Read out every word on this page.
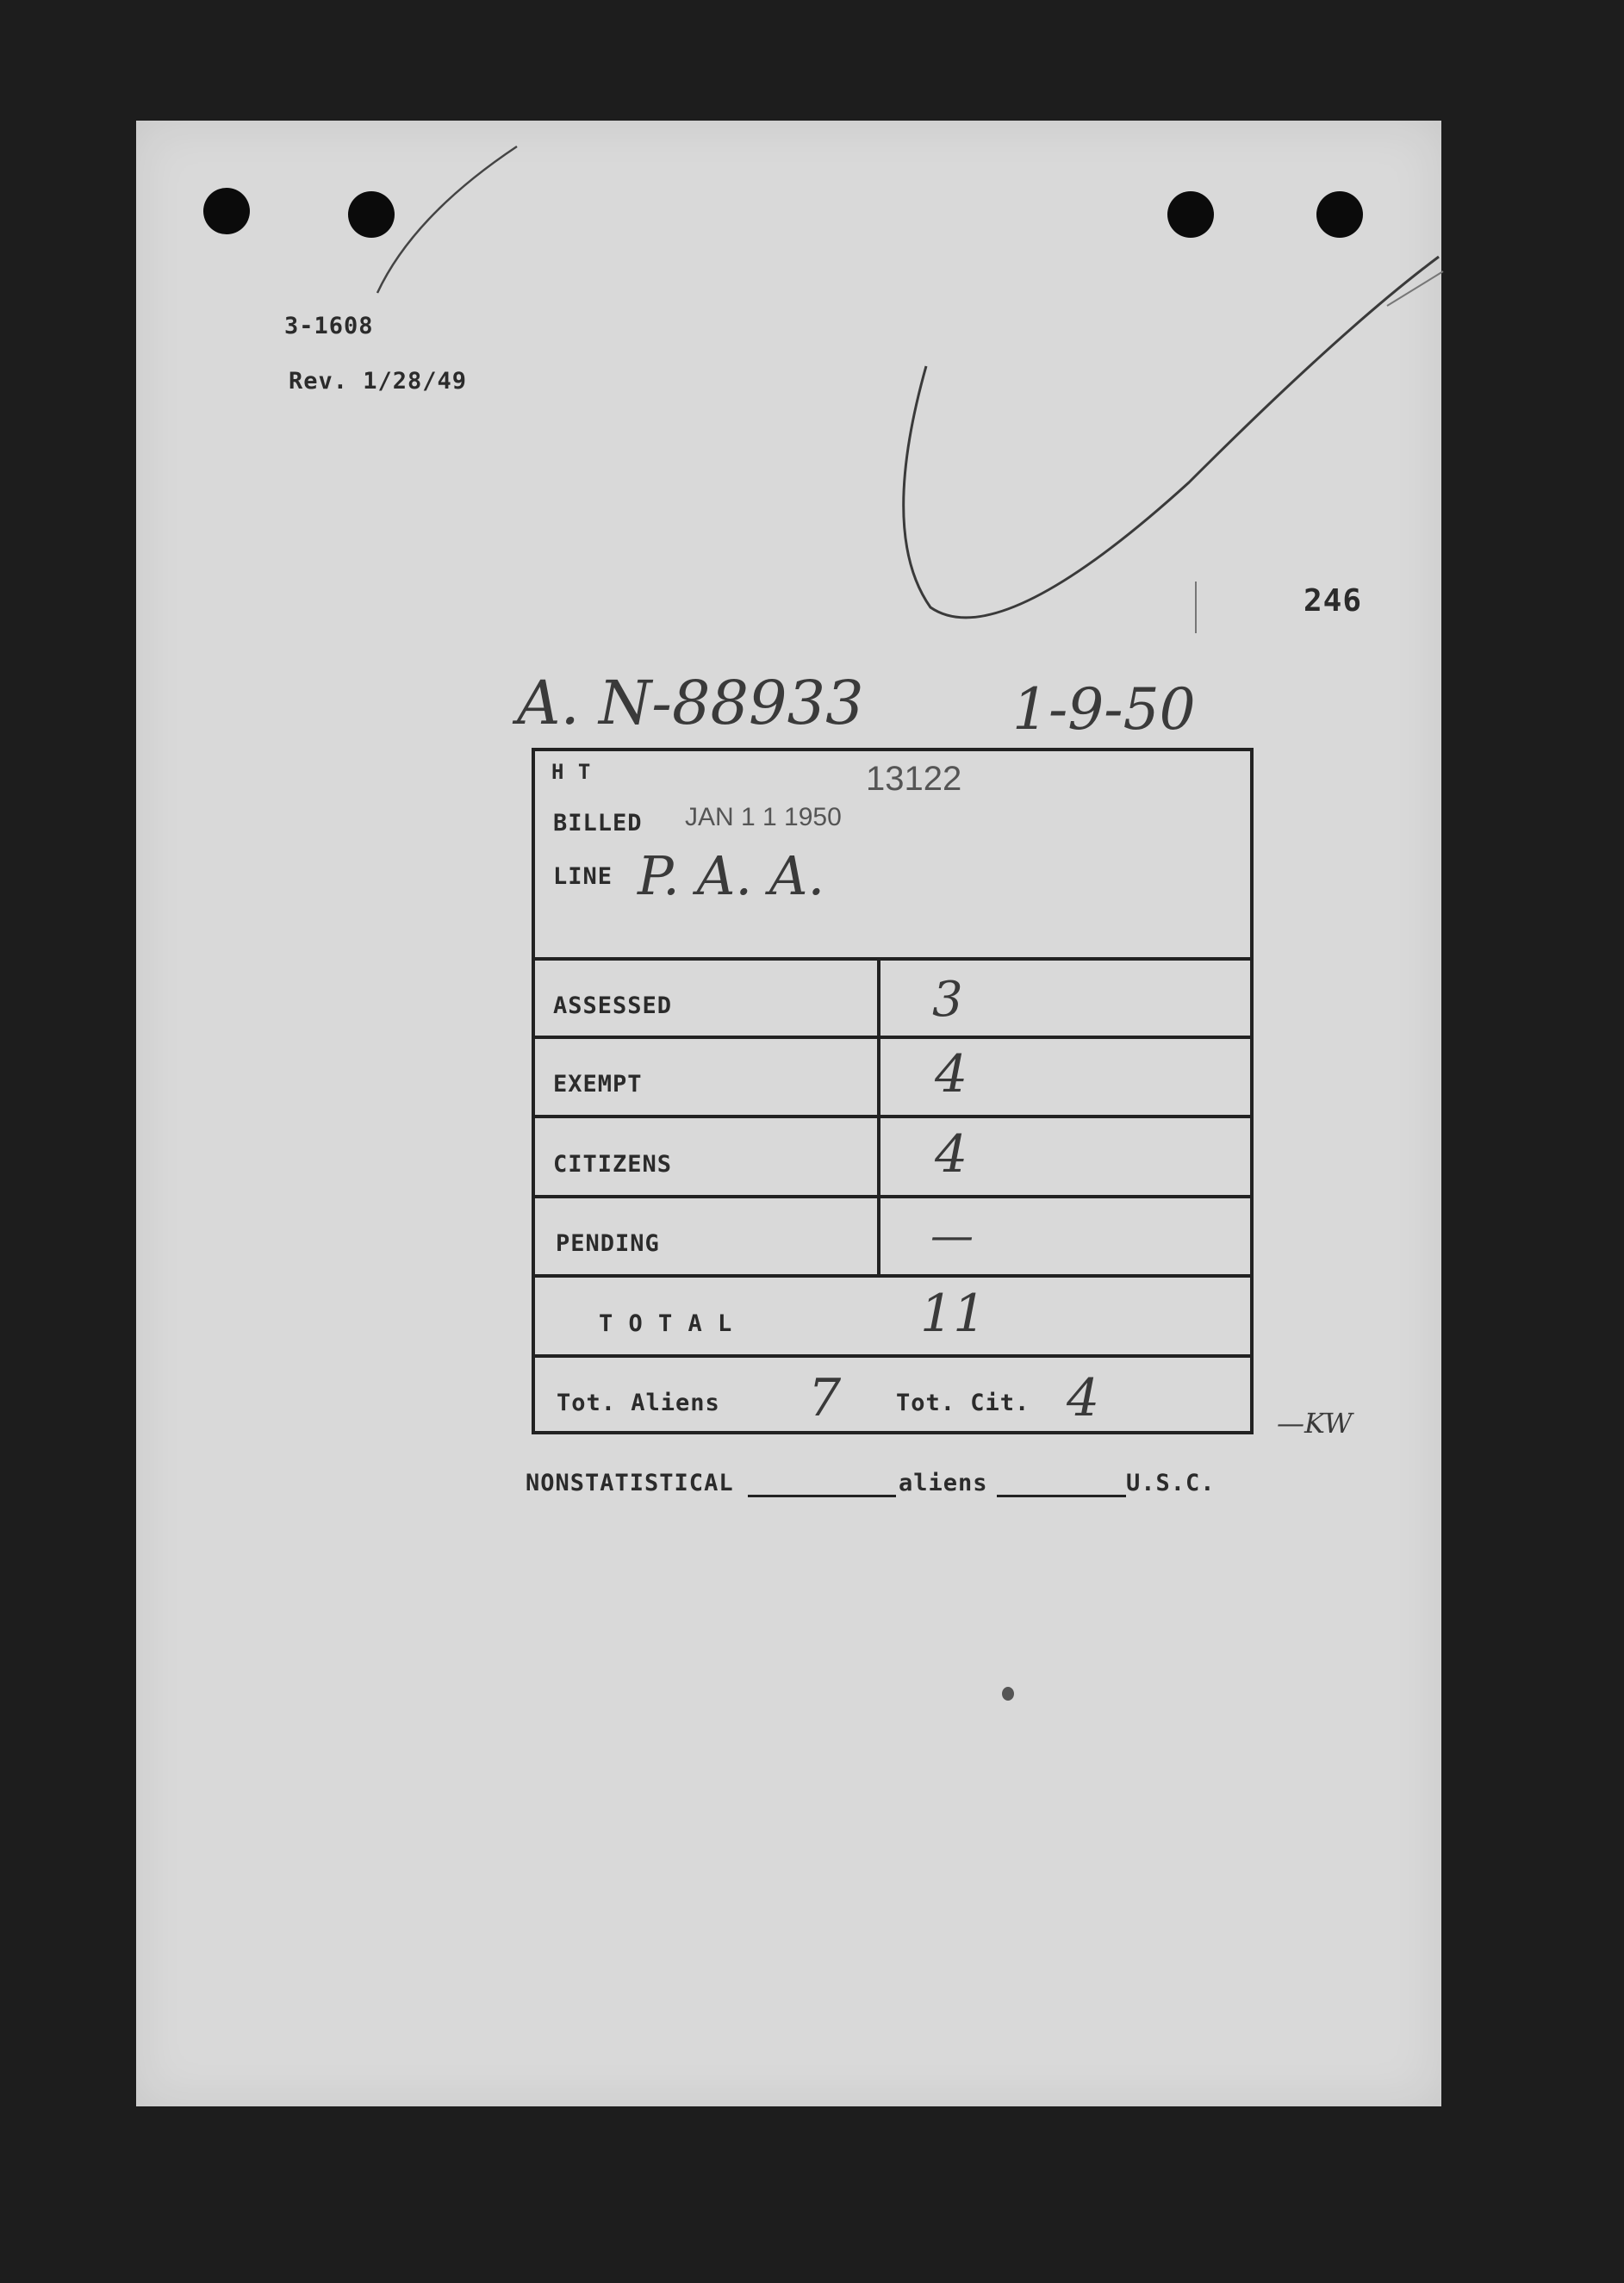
3-1608
Rev. 1/28/49
246
A. N-88933	1-9-50
H T	13122
BILLED JAN 1 1 1950
LINE P. A. A.
ASSESSED	3
EXEMPT	4
CITIZENS	4
PENDING	—
T O T A L	11
Tot. Aliens 7 Tot. Cit. 4	—KW
NONSTATISTICAL	aliens	U.S.C.
